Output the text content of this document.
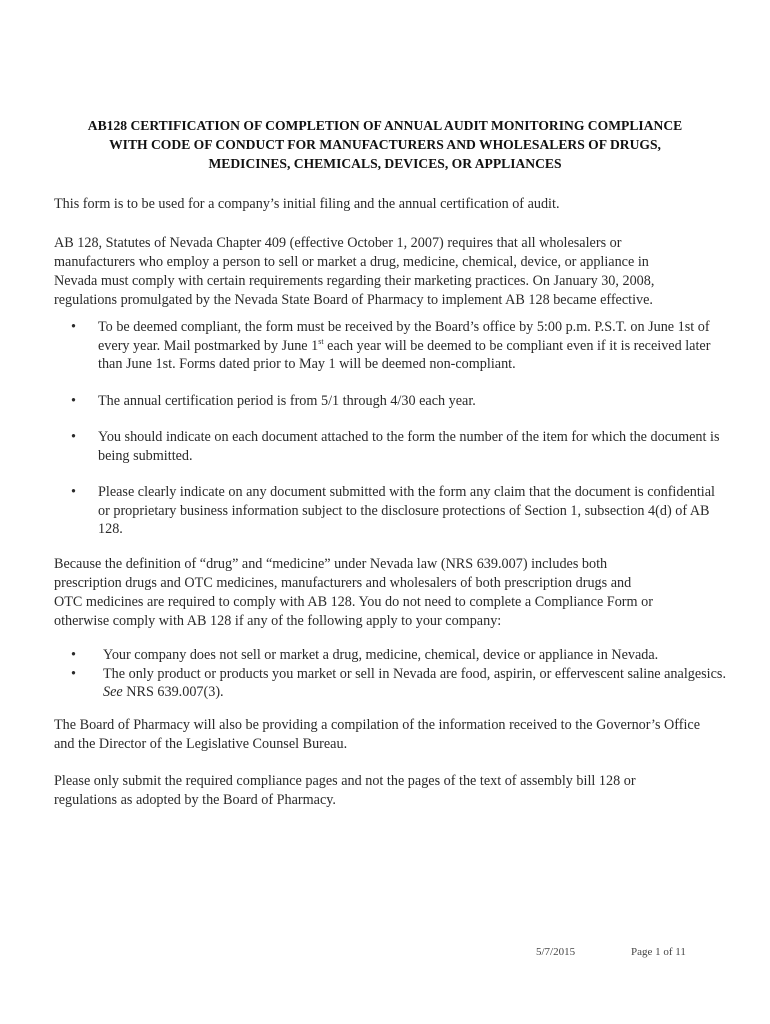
AB128 CERTIFICATION OF COMPLETION OF ANNUAL AUDIT MONITORING COMPLIANCE
WITH CODE OF CONDUCT FOR MANUFACTURERS AND WHOLESALERS OF DRUGS,
MEDICINES, CHEMICALS, DEVICES, OR APPLIANCES
This form is to be used for a company’s initial filing and the annual certification of audit.
AB 128, Statutes of Nevada Chapter 409 (effective October 1, 2007) requires that all wholesalers or
manufacturers who employ a person to sell or market a drug, medicine, chemical, device, or appliance in
Nevada must comply with certain requirements regarding their marketing practices. On January 30, 2008,
regulations promulgated by the Nevada State Board of Pharmacy to implement AB 128 became effective.
• To be deemed compliant, the form must be received by the Board’s office by 5:00 p.m. P.S.T. on June 1st of every year. Mail postmarked by June 1st each year will be deemed to be compliant even if it is received later than June 1st. Forms dated prior to May 1 will be deemed non-compliant.
• The annual certification period is from 5/1 through 4/30 each year.
• You should indicate on each document attached to the form the number of the item for which the document is being submitted.
• Please clearly indicate on any document submitted with the form any claim that the document is confidential or proprietary business information subject to the disclosure protections of Section 1, subsection 4(d) of AB 128.
Because the definition of “drug” and “medicine” under Nevada law (NRS 639.007) includes both
prescription drugs and OTC medicines, manufacturers and wholesalers of both prescription drugs and
OTC medicines are required to comply with AB 128. You do not need to complete a Compliance Form or
otherwise comply with AB 128 if any of the following apply to your company:
• Your company does not sell or market a drug, medicine, chemical, device or appliance in Nevada.
• The only product or products you market or sell in Nevada are food, aspirin, or effervescent saline analgesics. See NRS 639.007(3).
The Board of Pharmacy will also be providing a compilation of the information received to the Governor’s Office
and the Director of the Legislative Counsel Bureau.
Please only submit the required compliance pages and not the pages of the text of assembly bill 128 or
regulations as adopted by the Board of Pharmacy.
5/7/2015	Page 1 of 11
